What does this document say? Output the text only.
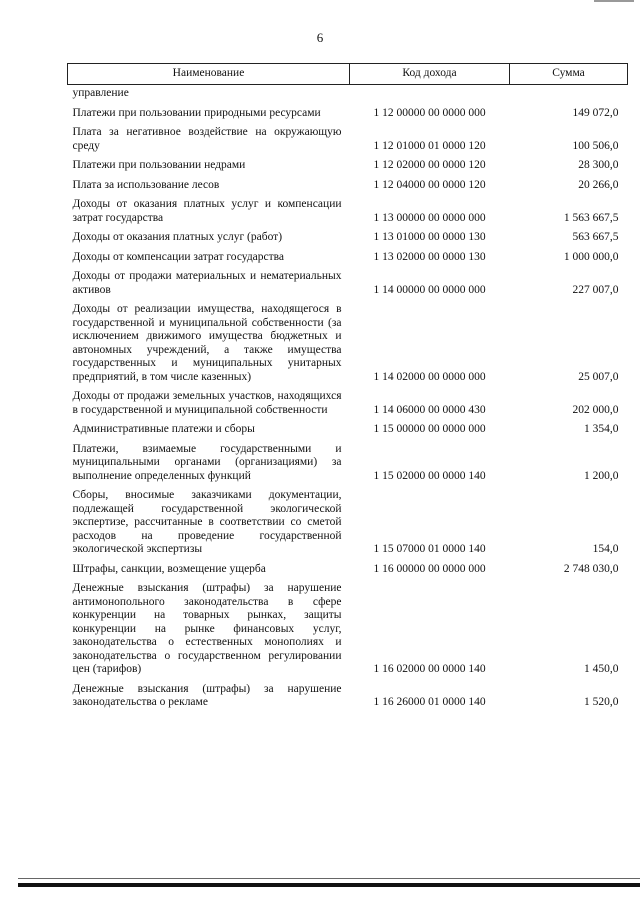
6
Наименование	Код дохода	Сумма
управление		
Платежи при пользовании природными ресурсами	1 12 00000 00 0000 000	149 072,0
Плата за негативное воздействие на окружающую среду	1 12 01000 01 0000 120	100 506,0
Платежи при пользовании недрами	1 12 02000 00 0000 120	28 300,0
Плата за использование лесов	1 12 04000 00 0000 120	20 266,0
Доходы от оказания платных услуг и компенсации затрат государства	1 13 00000 00 0000 000	1 563 667,5
Доходы от оказания платных услуг (работ)	1 13 01000 00 0000 130	563 667,5
Доходы от компенсации затрат государства	1 13 02000 00 0000 130	1 000 000,0
Доходы от продажи материальных и нематериальных активов	1 14 00000 00 0000 000	227 007,0
Доходы от реализации имущества, находящегося в государственной и муниципальной собственности (за исключением движимого имущества бюджетных и автономных учреждений, а также имущества государственных и муниципальных унитарных предприятий, в том числе казенных)	1 14 02000 00 0000 000	25 007,0
Доходы от продажи земельных участков, находящихся в государственной и муниципальной собственности	1 14 06000 00 0000 430	202 000,0
Административные платежи и сборы	1 15 00000 00 0000 000	1 354,0
Платежи, взимаемые государственными и муниципальными органами (организациями) за выполнение определенных функций	1 15 02000 00 0000 140	1 200,0
Сборы, вносимые заказчиками документации, подлежащей государственной экологической экспертизе, рассчитанные в соответствии со сметой расходов на проведение государственной экологической экспертизы	1 15 07000 01 0000 140	154,0
Штрафы, санкции, возмещение ущерба	1 16 00000 00 0000 000	2 748 030,0
Денежные взыскания (штрафы) за нарушение антимонопольного законодательства в сфере конкуренции на товарных рынках, защиты конкуренции на рынке финансовых услуг, законодательства о естественных монополиях и законодательства о государственном регулировании цен (тарифов)	1 16 02000 00 0000 140	1 450,0
Денежные взыскания (штрафы) за нарушение законодательства о рекламе	1 16 26000 01 0000 140	1 520,0
